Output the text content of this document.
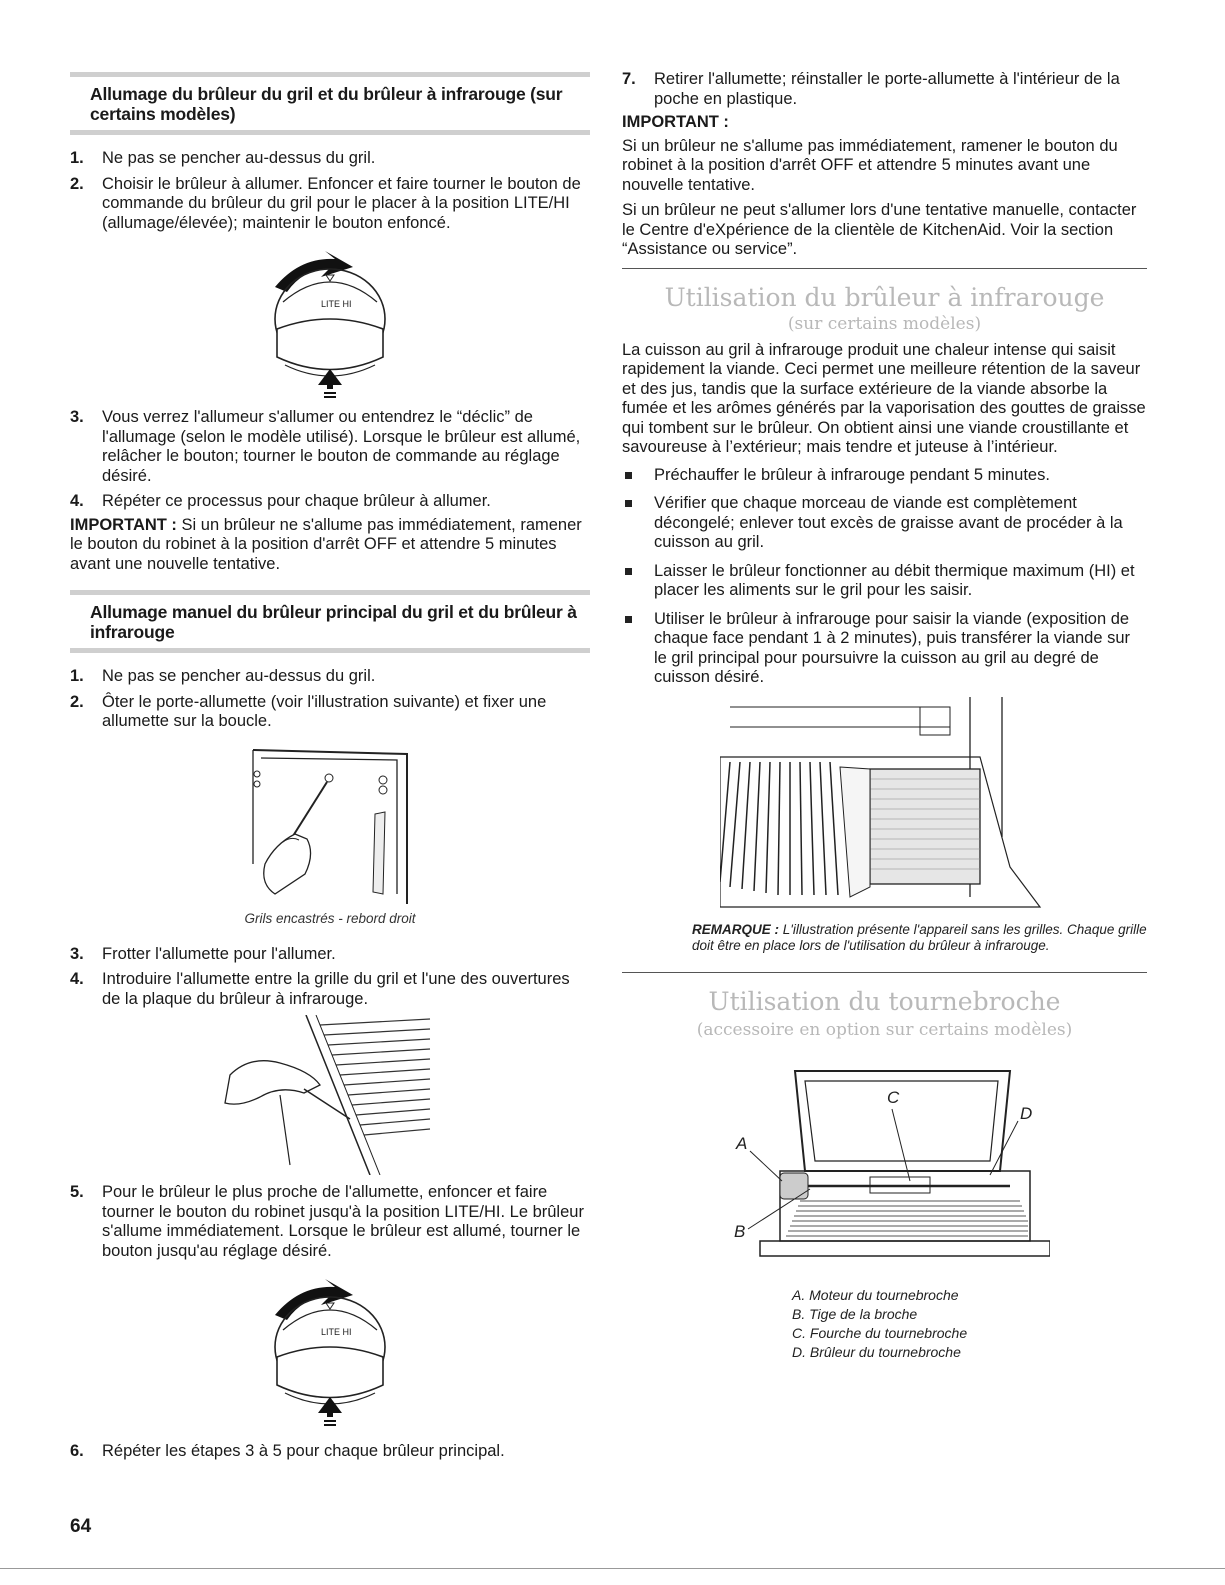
Allumage du brûleur du gril et du brûleur à infrarouge (sur certains modèles)
1. Ne pas se pencher au-dessus du gril.
2. Choisir le brûleur à allumer. Enfoncer et faire tourner le bouton de commande du brûleur du gril pour le placer à la position LITE/HI (allumage/élevée); maintenir le bouton enfoncé.
LITE HI
3. Vous verrez l'allumeur s'allumer ou entendrez le “déclic” de l'allumage (selon le modèle utilisé). Lorsque le brûleur est allumé, relâcher le bouton; tourner le bouton de commande au réglage désiré.
4. Répéter ce processus pour chaque brûleur à allumer.

IMPORTANT : Si un brûleur ne s'allume pas immédiatement, ramener le bouton du robinet à la position d'arrêt OFF et attendre 5 minutes avant une nouvelle tentative.

Allumage manuel du brûleur principal du gril et du brûleur à infrarouge
1. Ne pas se pencher au-dessus du gril.
2. Ôter le porte-allumette (voir l'illustration suivante) et fixer une allumette sur la boucle.

Grils encastrés - rebord droit

3. Frotter l'allumette pour l'allumer.
4. Introduire l'allumette entre la grille du gril et l'une des ouvertures de la plaque du brûleur à infrarouge.
5. Pour le brûleur le plus proche de l'allumette, enfoncer et faire tourner le bouton du robinet jusqu'à la position LITE/HI. Le brûleur s'allume immédiatement. Lorsque le brûleur est allumé, tourner le bouton jusqu'au réglage désiré.
LITE HI
6. Répéter les étapes 3 à 5 pour chaque brûleur principal.
7. Retirer l'allumette; réinstaller le porte-allumette à l'intérieur de la poche en plastique.

IMPORTANT :

Si un brûleur ne s'allume pas immédiatement, ramener le bouton du robinet à la position d'arrêt OFF et attendre 5 minutes avant une nouvelle tentative.

Si un brûleur ne peut s'allumer lors d'une tentative manuelle, contacter le Centre d'eXpérience de la clientèle de KitchenAid. Voir la section “Assistance ou service”.

Utilisation du brûleur à infrarouge

(sur certains modèles)

La cuisson au gril à infrarouge produit une chaleur intense qui saisit rapidement la viande. Ceci permet une meilleure rétention de la saveur et des jus, tandis que la surface extérieure de la viande absorbe la fumée et les arômes générés par la vaporisation des gouttes de graisse qui tombent sur le brûleur. On obtient ainsi une viande croustillante et savoureuse à l’extérieur; mais tendre et juteuse à l’intérieur.

Préchauffer le brûleur à infrarouge pendant 5 minutes.
Vérifier que chaque morceau de viande est complètement décongelé; enlever tout excès de graisse avant de procéder à la cuisson au gril.
Laisser le brûleur fonctionner au débit thermique maximum (HI) et placer les aliments sur le gril pour les saisir.
Utiliser le brûleur à infrarouge pour saisir la viande (exposition de chaque face pendant 1 à 2 minutes), puis transférer la viande sur le gril principal pour poursuivre la cuisson au gril au degré de cuisson désiré.

REMARQUE : L'illustration présente l'appareil sans les grilles. Chaque grille doit être en place lors de l'utilisation du brûleur à infrarouge.

Utilisation du tournebroche

(accessoire en option sur certains modèles)

C
D
A
B

A. Moteur du tournebroche

B. Tige de la broche

C. Fourche du tournebroche

D. Brûleur du tournebroche

64
